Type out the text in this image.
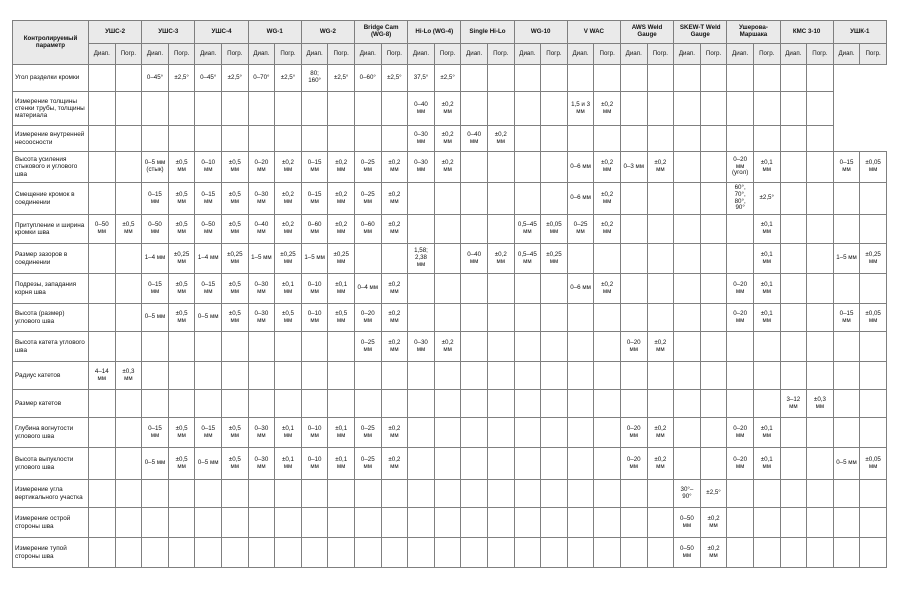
Контролируемый параметр	УШС-2		УШС-3		УШС-4		WG-1		WG-2		Bridge Cam (WG-8)		Hi-Lo (WG-4)		Single Hi-Lo		WG-10		V WAC		AWS Weld Gauge		SKEW-T Weld Gauge		Ушерова-Маршака		КМС 3-10		УШК-1	
	Диап.	Погр.	Диап.	Погр.	Диап.	Погр.	Диап.	Погр.	Диап.	Погр.	Диап.	Погр.	Диап.	Погр.	Диап.	Погр.	Диап.	Погр.	Диап.	Погр.	Диап.	Погр.	Диап.	Погр.	Диап.	Погр.	Диап.	Погр.	Диап.	Погр.
Угол разделки кромки			0–45°	±2,5°	0–45°	±2,5°	0–70°	±2,5°	80; 160°	±2,5°	0–60°	±2,5°	37,5°	±2,5°																
Измерение толщины стенки трубы, толщины материала													0–40 мм	±0,2 мм					1,5 и 3 мм	±0,2 мм										
Измерение внутренней несоосности													0–30 мм	±0,2 мм	0–40 мм	±0,2 мм														
Высота усиления стыкового и углового шва			0–5 мм (стык)	±0,5 мм	0–10 мм	±0,5 мм	0–20 мм	±0,2 мм	0–15 мм	±0,2 мм	0–25 мм	±0,2 мм	0–30 мм	±0,2 мм					0–6 мм	±0,2 мм	0–3 мм	±0,2 мм			0–20 мм (угол)	±0,1 мм			0–15 мм	±0,05 мм
Смещение кромок в соединении			0–15 мм	±0,5 мм	0–15 мм	±0,5 мм	0–30 мм	±0,2 мм	0–15 мм	±0,2 мм	0–25 мм	±0,2 мм							0–6 мм	±0,2 мм					60°, 70°, 80°, 90°	±2,5°				
Притупление и ширина кромки шва	0–50 мм	±0,5 мм	0–50 мм	±0,5 мм	0–50 мм	±0,5 мм	0–40 мм	±0,2 мм	0–60 мм	±0,2 мм	0–60 мм	±0,2 мм					0,5–45 мм	±0,05 мм	0–25 мм	±0,2 мм						±0,1 мм				
Размер зазоров в соединении			1–4 мм	±0,25 мм	1–4 мм	±0,25 мм	1–5 мм	±0,25 мм	1–5 мм	±0,25 мм			1,58; 2,38 мм		0–40 мм	±0,2 мм	0,5–45 мм	±0,25 мм								±0,1 мм			1–5 мм	±0,25 мм
Подрезы, западания корня шва			0–15 мм	±0,5 мм	0–15 мм	±0,5 мм	0–30 мм	±0,1 мм	0–10 мм	±0,1 мм	0–4 мм	±0,2 мм							0–6 мм	±0,2 мм					0–20 мм	±0,1 мм				
Высота (размер) углового шва			0–5 мм	±0,5 мм	0–5 мм	±0,5 мм	0–30 мм	±0,5 мм	0–10 мм	±0,5 мм	0–20 мм	±0,2 мм													0–20 мм	±0,1 мм			0–15 мм	±0,05 мм
Высота катета углового шва											0–25 мм	±0,2 мм	0–30 мм	±0,2 мм							0–20 мм	±0,2 мм								
Радиус катетов	4–14 мм	±0,3 мм																												
Размер катетов																											3–12 мм	±0,3 мм		
Глубина вогнутости углового шва			0–15 мм	±0,5 мм	0–15 мм	±0,5 мм	0–30 мм	±0,1 мм	0–10 мм	±0,1 мм	0–25 мм	±0,2 мм									0–20 мм	±0,2 мм			0–20 мм	±0,1 мм				
Высота выпуклости углового шва			0–5 мм	±0,5 мм	0–5 мм	±0,5 мм	0–30 мм	±0,1 мм	0–10 мм	±0,1 мм	0–25 мм	±0,2 мм									0–20 мм	±0,2 мм			0–20 мм	±0,1 мм			0–5 мм	±0,05 мм
Измерение угла вертикального участка																							30°–90°	±2,5°						
Измерение острой стороны шва																							0–50 мм	±0,2 мм						
Измерение тупой стороны шва																							0–50 мм	±0,2 мм						
